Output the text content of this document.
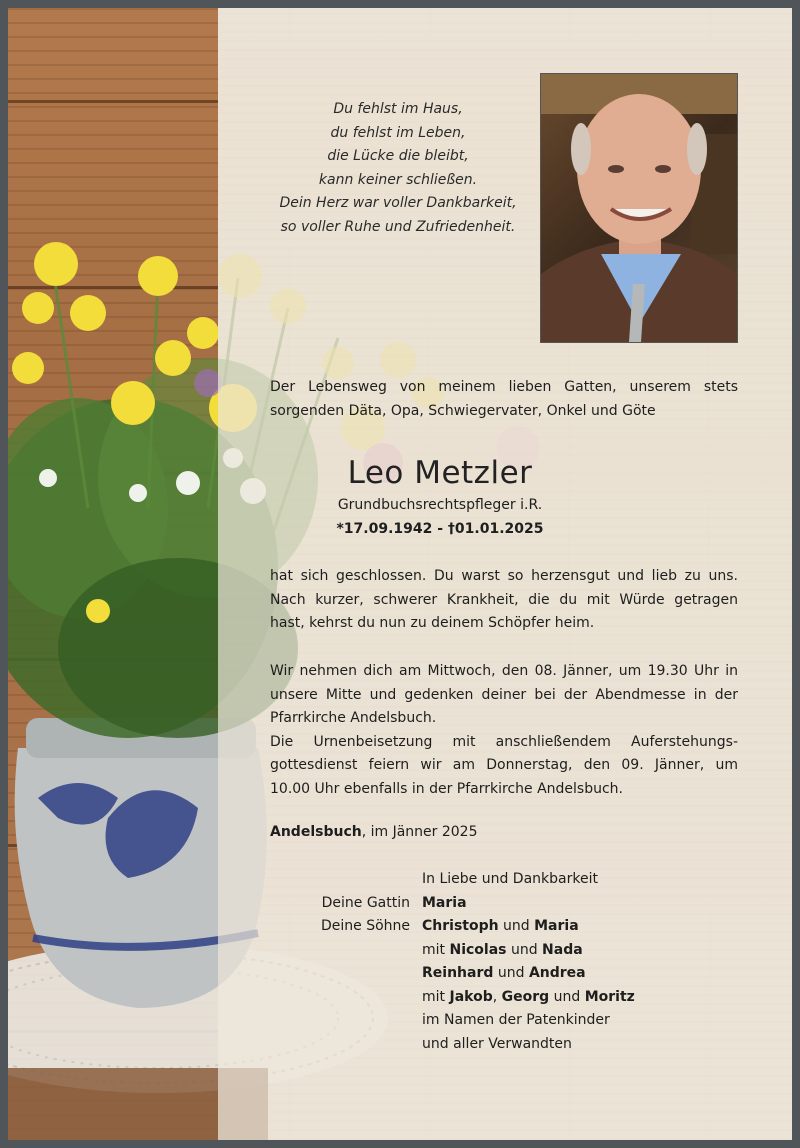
Du fehlst im Haus,
du fehlst im Leben,
die Lücke die bleibt,
kann keiner schließen.
Dein Herz war voller Dankbarkeit,
so voller Ruhe und Zufriedenheit.
Der Lebensweg von meinem lieben Gatten, unserem stets
sorgenden Däta, Opa, Schwiegervater, Onkel und Göte
Leo Metzler
Grundbuchsrechtspfleger i.R.
*17.09.1942 - †01.01.2025
hat sich geschlossen. Du warst so herzensgut und lieb zu uns.
Nach kurzer, schwerer Krankheit, die du mit Würde getragen
hast, kehrst du nun zu deinem Schöpfer heim.
Wir nehmen dich am Mittwoch, den 08. Jänner, um 19.30 Uhr in
unsere Mitte und gedenken deiner bei der Abendmesse in der
Pfarrkirche Andelsbuch.
Die Urnenbeisetzung mit anschließendem Auferstehungs-
gottesdienst feiern wir am Donnerstag, den 09. Jänner, um
10.00 Uhr ebenfalls in der Pfarrkirche Andelsbuch.
Andelsbuch, im Jänner 2025
In Liebe und Dankbarkeit
Deine Gattin Maria
Deine Söhne Christoph und Maria
mit Nicolas und Nada
Reinhard und Andrea
mit Jakob, Georg und Moritz
im Namen der Patenkinder
und aller Verwandten
